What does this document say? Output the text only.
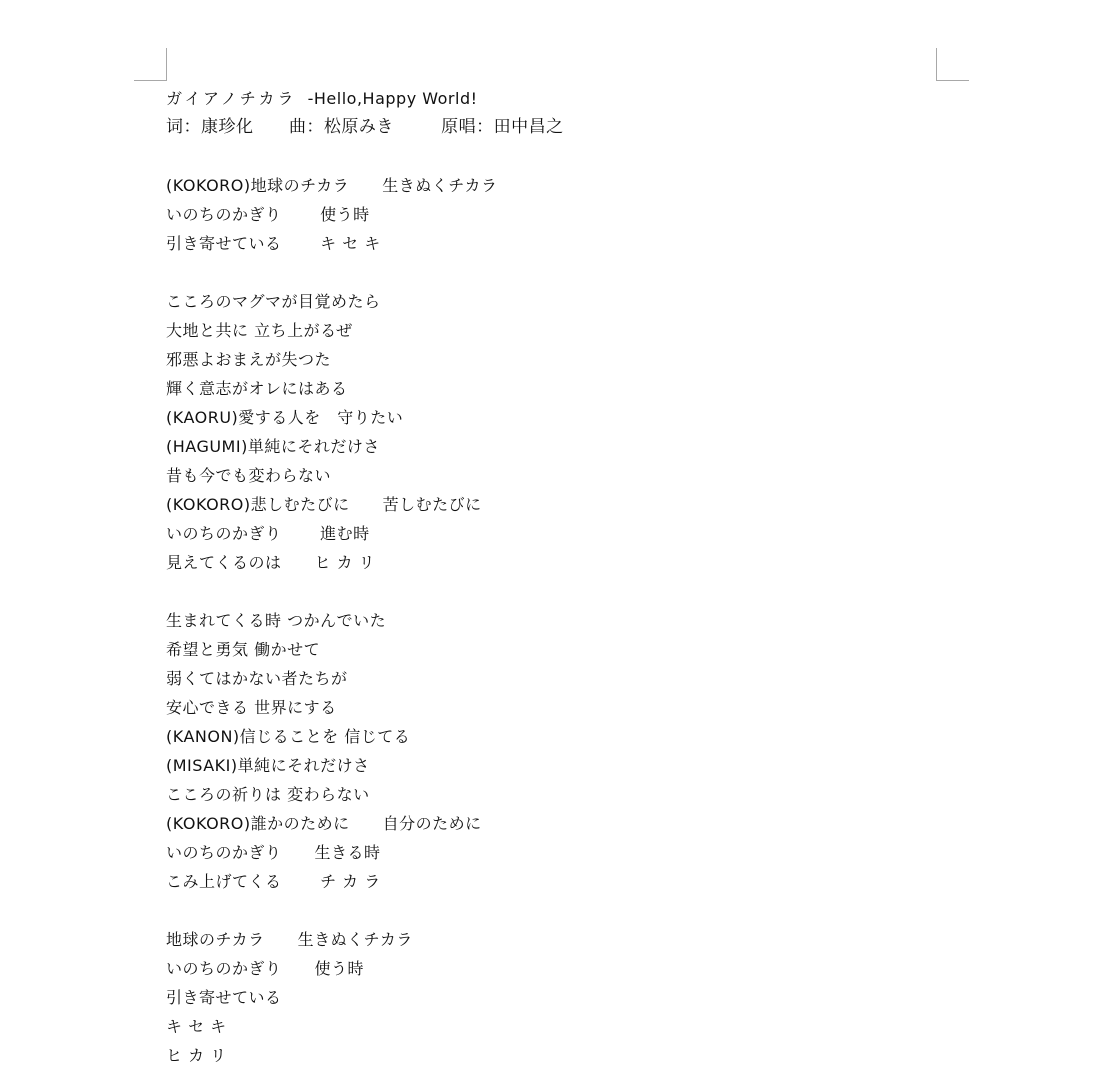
ガイアノチカラ -Hello,Happy World!
词：康珍化 曲：松原みき	原唱：田中昌之
(KOKORO)地球のチカラ　　生きぬくチカラ
いのちのかぎり　　 使う時
引き寄せている　　 キ セ キ
こころのマグマが目覚めたら
大地と共に 立ち上がるぜ
邪悪よおまえが失つた
輝く意志がオレにはある
(KAORU)愛する人を　守りたい
(HAGUMI)単純にそれだけさ
昔も今でも変わらない
(KOKORO)悲しむたびに　　苦しむたびに
いのちのかぎり　　 進む時
見えてくるのは　　ヒ カ リ
生まれてくる時 つかんでいた
希望と勇気 働かせて
弱くてはかない者たちが
安心できる 世界にする
(KANON)信じることを 信じてる
(MISAKI)単純にそれだけさ
こころの祈りは 変わらない
(KOKORO)誰かのために　　自分のために
いのちのかぎり　　生きる時
こみ上げてくる　　 チ カ ラ
地球のチカラ　　生きぬくチカラ
いのちのかぎり　　使う時
引き寄せている
キ セ キ
ヒ カ リ
